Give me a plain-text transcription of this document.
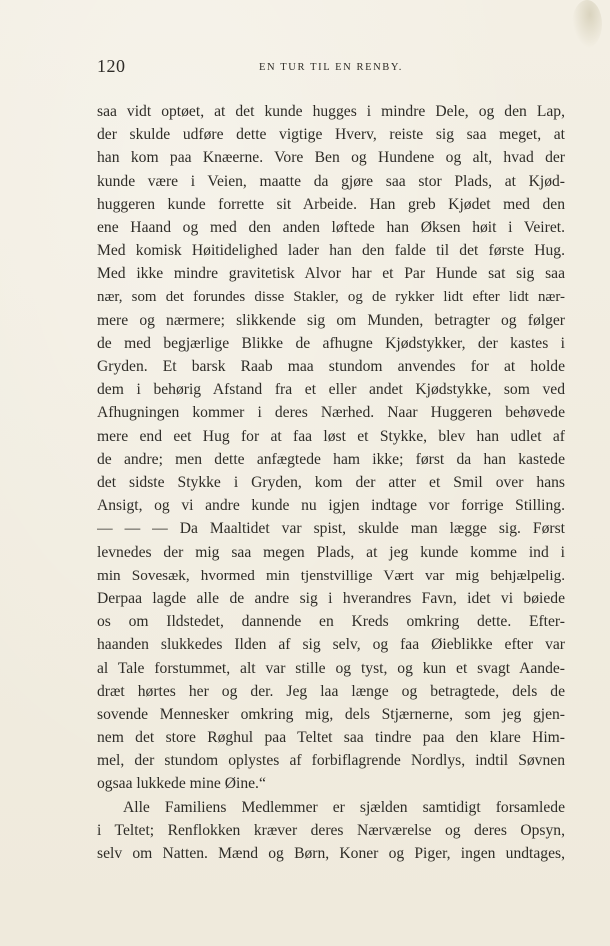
120	EN TUR TIL EN RENBY.
saa vidt optøet, at det kunde hugges i mindre Dele, og den Lap,
der skulde udføre dette vigtige Hverv, reiste sig saa meget, at
han kom paa Knæerne. Vore Ben og Hundene og alt, hvad der
kunde være i Veien, maatte da gjøre saa stor Plads, at Kjød-
huggeren kunde forrette sit Arbeide. Han greb Kjødet med den
ene Haand og med den anden løftede han Øksen høit i Veiret.
Med komisk Høitidelighed lader han den falde til det første Hug.
Med ikke mindre gravitetisk Alvor har et Par Hunde sat sig saa
nær, som det forundes disse Stakler, og de rykker lidt efter lidt nær-
mere og nærmere; slikkende sig om Munden, betragter og følger
de med begjærlige Blikke de afhugne Kjødstykker, der kastes i
Gryden. Et barsk Raab maa stundom anvendes for at holde
dem i behørig Afstand fra et eller andet Kjødstykke, som ved
Afhugningen kommer i deres Nærhed. Naar Huggeren behøvede
mere end eet Hug for at faa løst et Stykke, blev han udlet af
de andre; men dette anfægtede ham ikke; først da han kastede
det sidste Stykke i Gryden, kom der atter et Smil over hans
Ansigt, og vi andre kunde nu igjen indtage vor forrige Stilling.
— — — Da Maaltidet var spist, skulde man lægge sig. Først
levnedes der mig saa megen Plads, at jeg kunde komme ind i
min Sovesæk, hvormed min tjenstvillige Vært var mig behjælpelig.
Derpaa lagde alle de andre sig i hverandres Favn, idet vi bøiede
os om Ildstedet, dannende en Kreds omkring dette. Efter-
haanden slukkedes Ilden af sig selv, og faa Øieblikke efter var
al Tale forstummet, alt var stille og tyst, og kun et svagt Aande-
dræt hørtes her og der. Jeg laa længe og betragtede, dels de
sovende Mennesker omkring mig, dels Stjærnerne, som jeg gjen-
nem det store Røghul paa Teltet saa tindre paa den klare Him-
mel, der stundom oplystes af forbiflagrende Nordlys, indtil Søvnen
ogsaa lukkede mine Øine.“
Alle Familiens Medlemmer er sjælden samtidigt forsamlede
i Teltet; Renflokken kræver deres Nærværelse og deres Opsyn,
selv om Natten. Mænd og Børn, Koner og Piger, ingen undtages,
